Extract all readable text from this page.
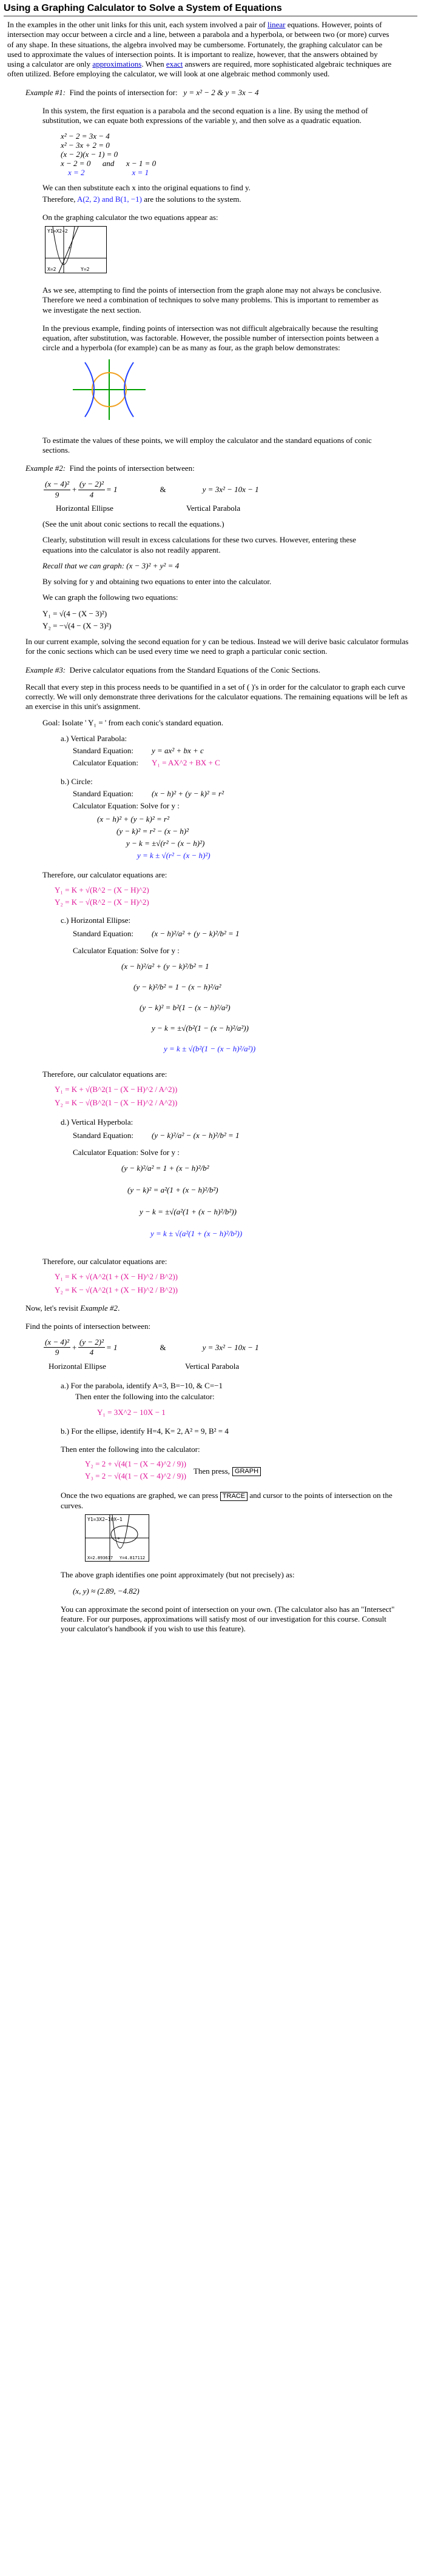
Using a Graphing Calculator to Solve a System of Equations

In the examples in the other unit links for this unit, each system involved a pair of linear equations. However, points of intersection may occur between a circle and a line, between a parabola and a hyperbola, or between two (or more) curves of any shape. In these situations, the algebra involved may be cumbersome. Fortunately, the graphing calculator can be used to approximate the values of intersection points. It is important to realize, however, that the answers obtained by using a calculator are only approximations. When exact answers are required, more sophisticated algebraic techniques are often utilized. Before employing the calculator, we will look at one algebraic method commonly used.

Example #1: Find the points of intersection for: y = x² − 2 & y = 3x − 4

In this system, the first equation is a parabola and the second equation is a line. By using the method of substitution, we can equate both expressions of the variable y, and then solve as a quadratic equation.

x² − 2 = 3x − 4
x² − 3x + 2 = 0
(x − 2)(x − 1) = 0
x − 2 = 0      and      x − 1 = 0
x = 2                        x = 1

We can then substitute each x into the original equations to find y.

Therefore, A(2, 2) and B(1, −1) are the solutions to the system.

On the graphing calculator the two equations appear as:

Y1=X2−2
X=2	Y=2
+

As we see, attempting to find the points of intersection from the graph alone may not always be conclusive. Therefore we need a combination of techniques to solve many problems. This is important to remember as we investigate the next section.

In the previous example, finding points of intersection was not difficult algebraically because the resulting equation, after substitution, was factorable. However, the possible number of intersection points between a circle and a hyperbola (for example) can be as many as four, as the graph below demonstrates:

To estimate the values of these points, we will employ the calculator and the standard equations of conic sections.

Example #2: Find the points of intersection between:

$\frac{\text{(x − 4)²}}{9} + \frac{\text{(y − 2)²}}{4} = 1$	&	y = 3x² − 10x − 1
Horizontal Ellipse	Vertical Parabola

(See the unit about conic sections to recall the equations.)

Clearly, substitution will result in excess calculations for these two curves. However, entering these equations into the calculator is also not readily apparent.

Recall that we can graph: (x − 3)² + y² = 4

By solving for y and obtaining two equations to enter into the calculator.

We can graph the following two equations:

Y₁ = √(4 − (X − 3)²)

Y₂ = −√(4 − (X − 3)²)

In our current example, solving the second equation for y can be tedious. Instead we will derive basic calculator formulas for the conic sections which can be used every time we need to graph a particular conic section.

Example #3: Derive calculator equations from the Standard Equations of the Conic Sections.

Recall that every step in this process needs to be quantified in a set of ( )'s in order for the calculator to graph each curve correctly. We will only demonstrate three derivations for the calculator equations. The remaining equations will be left as an exercise in this unit's assignment.

Goal: Isolate ' Y₁ = ' from each conic's standard equation.

a.) Vertical Parabola:

Standard Equation:	y = ax² + bx + c
Calculator Equation:	Y₁ = AX^2 + BX + C

b.) Circle:

Standard Equation:	(x − h)² + (y − k)² = r²

Calculator Equation: Solve for y :

(x − h)² + (y − k)² = r²
(y − k)² = r² − (x − h)²
y − k = ±√(r² − (x − h)²)
y = k ± √(r² − (x − h)²)

Therefore, our calculator equations are:

Y₁ = K + √(R^2 − (X − H)^2)
Y₂ = K − √(R^2 − (X − H)^2)

c.) Horizontal Ellipse:

Standard Equation:	(x − h)²/a² + (y − k)²/b² = 1

Calculator Equation: Solve for y :

(x − h)²/a² + (y − k)²/b² = 1
(y − k)²/b² = 1 − (x − h)²/a²
(y − k)² = b²(1 − (x − h)²/a²)
y − k = ±√(b²(1 − (x − h)²/a²))
y = k ± √(b²(1 − (x − h)²/a²))

Therefore, our calculator equations are:

Y₁ = K + √(B^2(1 − (X − H)^2 / A^2))
Y₂ = K − √(B^2(1 − (X − H)^2 / A^2))

d.) Vertical Hyperbola:

Standard Equation:	(y − k)²/a² − (x − h)²/b² = 1

Calculator Equation: Solve for y :

(y − k)²/a² = 1 + (x − h)²/b²
(y − k)² = a²(1 + (x − h)²/b²)
y − k = ±√(a²(1 + (x − h)²/b²))
y = k ± √(a²(1 + (x − h)²/b²))

Therefore, our calculator equations are:

Y₁ = K + √(A^2(1 + (X − H)^2 / B^2))
Y₂ = K − √(A^2(1 + (X − H)^2 / B^2))

Now, let's revisit Example #2.

Find the points of intersection between:

$\frac{\text{(x − 4)²}}{9} + \frac{\text{(y − 2)²}}{4} = 1$	&	y = 3x² − 10x − 1
Horizontal Ellipse	Vertical Parabola

a.) For the parabola, identify A=3, B=−10, & C=−1

Then enter the following into the calculator:

Y₁ = 3X^2 − 10X − 1

b.) For the ellipse, identify H=4, K= 2, A² = 9, B² = 4

Then enter the following into the calculator:

Y₂ = 2 + √(4(1 − (X − 4)^2 / 9))
Y₃ = 2 − √(4(1 − (X − 4)^2 / 9))
Then press, GRAPH

Once the two equations are graphed, we can press TRACE and cursor to the points of intersection on the curves.

Y1=3X2−10X−1
X=2.893617 Y=4.817112
+

The above graph identifies one point approximately (but not precisely) as:

(x, y) ≈ (2.89, −4.82)

You can approximate the second point of intersection on your own. (The calculator also has an "Intersect" feature. For our purposes, approximations will satisfy most of our investigation for this course. Consult your calculator's handbook if you wish to use this feature).
